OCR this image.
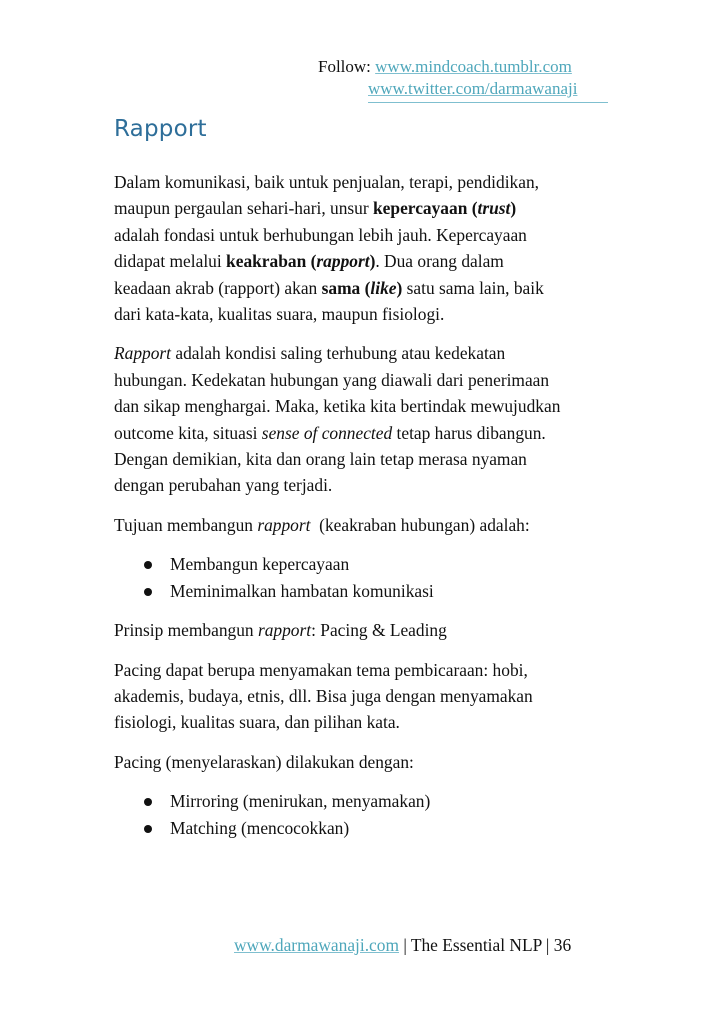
Follow: www.mindcoach.tumblr.com
www.twitter.com/darmawanaji
Rapport

Dalam komunikasi, baik untuk penjualan, terapi, pendidikan,
maupun pergaulan sehari-hari, unsur kepercayaan (trust)
adalah fondasi untuk berhubungan lebih jauh. Kepercayaan
didapat melalui keakraban (rapport). Dua orang dalam
keadaan akrab (rapport) akan sama (like) satu sama lain, baik
dari kata-kata, kualitas suara, maupun fisiologi.

Rapport adalah kondisi saling terhubung atau kedekatan
hubungan. Kedekatan hubungan yang diawali dari penerimaan
dan sikap menghargai. Maka, ketika kita bertindak mewujudkan
outcome kita, situasi sense of connected tetap harus dibangun.
Dengan demikian, kita dan orang lain tetap merasa nyaman
dengan perubahan yang terjadi.

Tujuan membangun rapport  (keakraban hubungan) adalah:

Membangun kepercayaan
Meminimalkan hambatan komunikasi

Prinsip membangun rapport: Pacing & Leading

Pacing dapat berupa menyamakan tema pembicaraan: hobi,
akademis, budaya, etnis, dll. Bisa juga dengan menyamakan
fisiologi, kualitas suara, dan pilihan kata.

Pacing (menyelaraskan) dilakukan dengan:

Mirroring (menirukan, menyamakan)
Matching (mencocokkan)
www.darmawanaji.com | The Essential NLP | 36
